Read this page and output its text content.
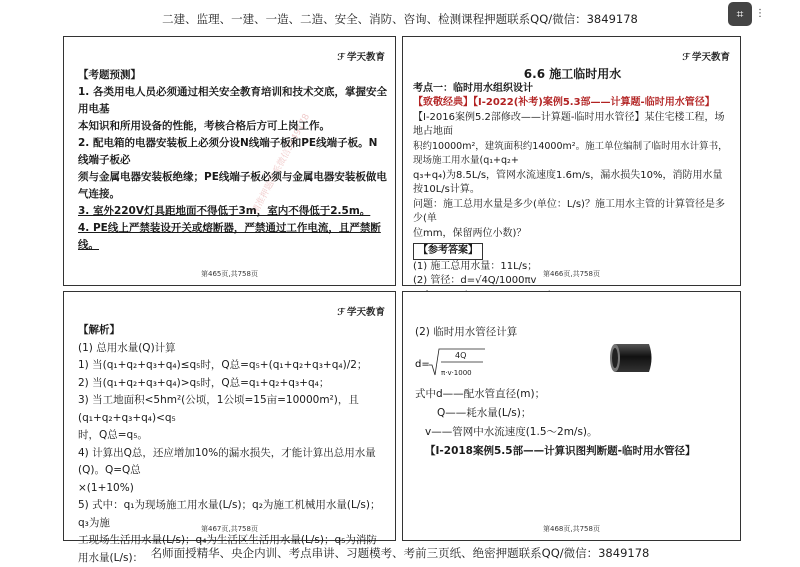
二建、监理、一建、一造、二造、安全、消防、咨询、检测课程押题联系QQ/微信：3849178	⌗	⋮
ℱ 学天教育
精准押题联系微信3849178
【考题预测】
1. 各类用电人员必须通过相关安全教育培训和技术交底，掌握安全用电基
本知识和所用设备的性能，考核合格后方可上岗工作。
2. 配电箱的电器安装板上必须分设N线端子板和PE线端子板。N线端子板必
须与金属电器安装板绝缘；PE线端子板必须与金属电器安装板做电气连接。
3. 室外220V灯具距地面不得低于3m，室内不得低于2.5m。
4. PE线上严禁装设开关或熔断器，严禁通过工作电流，且严禁断线。
第465页,共758页
ℱ 学天教育
6.6 施工临时用水
考点一：临时用水组织设计
【致敬经典】【Ⅰ-2022(补考)案例5.3部——计算题-临时用水管径】
【Ⅰ-2016案例5.2部修改——计算题-临时用水管径】某住宅楼工程，场地占地面
积约10000m²，建筑面积约14000m²。施工单位编制了临时用水计算书，现场施工用水量(q₁+q₂+
q₃+q₄)为8.5L/s，管网水流速度1.6m/s，漏水损失10%，消防用水量按10L/s计算。
问题：施工总用水量是多少(单位：L/s)？施工用水主管的计算管径是多少(单
位mm，保留两位小数)？
【参考答案】
(1) 施工总用水量：11L/s；
(2) 管径：d=√4Q/1000πv
第466页,共758页
ℱ 学天教育
【解析】
(1) 总用水量(Q)计算
1) 当(q₁+q₂+q₃+q₄)≤q₅时，Q总=q₅+(q₁+q₂+q₃+q₄)/2；
2) 当(q₁+q₂+q₃+q₄)>q₅时，Q总=q₁+q₂+q₃+q₄；
3) 当工地面积<5hm²(公顷，1公顷=15亩=10000m²)，且(q₁+q₂+q₃+q₄)<q₅
时，Q总=q₅。
4) 计算出Q总，还应增加10%的漏水损失，才能计算出总用水量(Q)。Q=Q总
×(1+10%)
5) 式中：q₁为现场施工用水量(L/s)；q₂为施工机械用水量(L/s)；q₃为施
工现场生活用水量(L/s)；q₄为生活区生活用水量(L/s)；q₅为消防
用水量(L/s)：
第467页,共758页
(2) 临时用水管径计算
d=
4Q
π·v·1000
式中d——配水管直径(m)；
Q——耗水量(L/s)；
v——管网中水流速度(1.5～2m/s)。
【Ⅰ-2018案例5.5部——计算识图判断题-临时用水管径】
第468页,共758页
名师面授精华、央企内训、考点串讲、习题模考、考前三页纸、绝密押题联系QQ/微信：3849178
